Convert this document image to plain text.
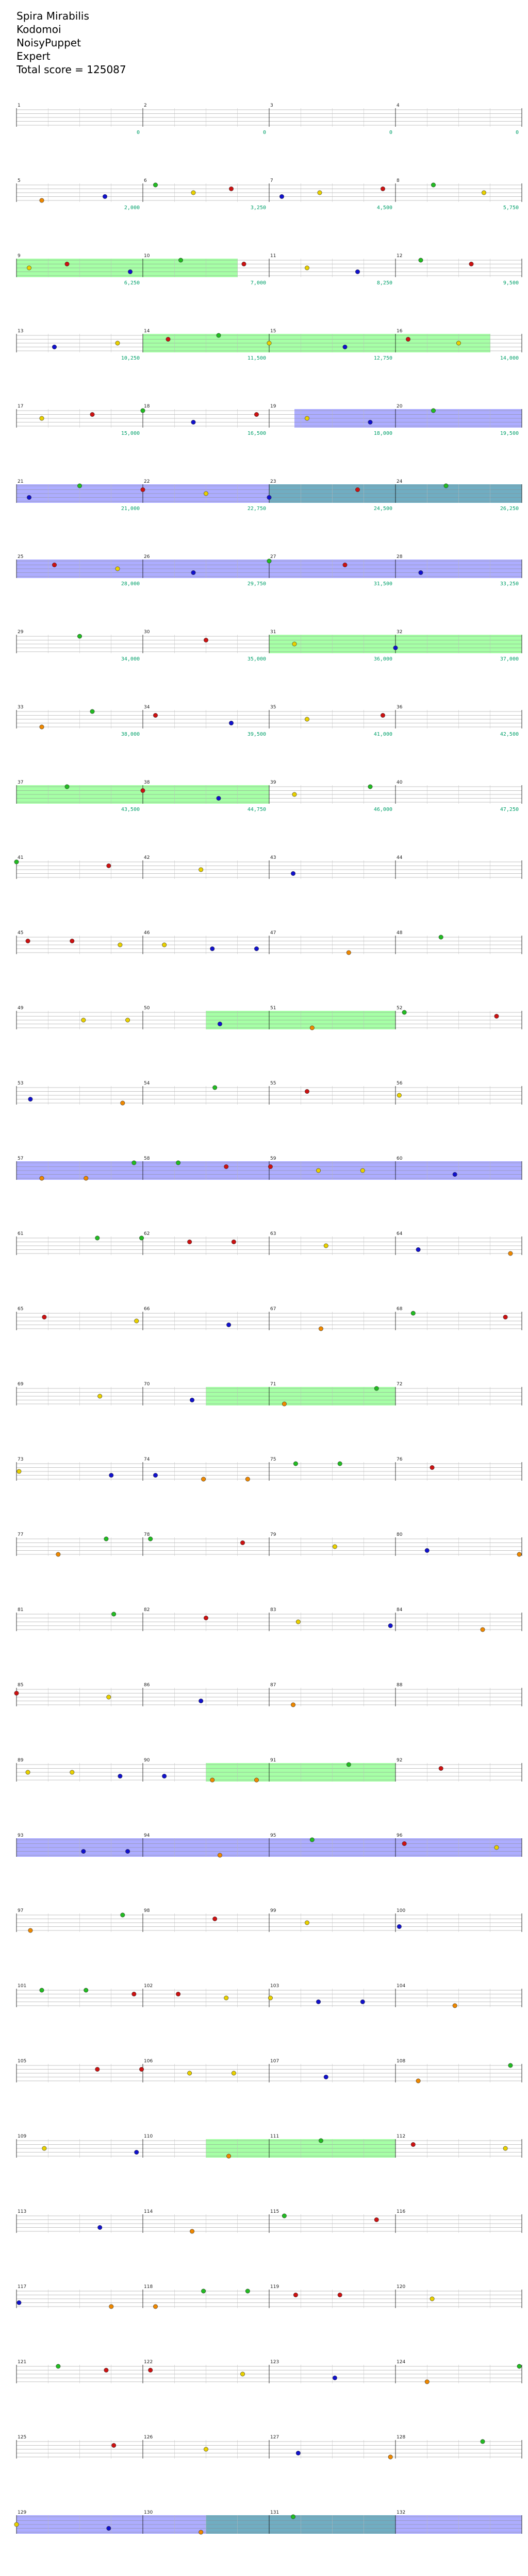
Spira Mirabilis
Kodomoi
NoisyPuppet
Expert
Total score = 125087
1
0
2
0
3
0
4
0
5
2,000
6
3,250
7
4,500
8
5,750
9
6,250
10
7,000
11
8,250
12
9,500
13
10,250
14
11,500
15
12,750
16
14,000
17
15,000
18
16,500
19
18,000
20
19,500
21
21,000
22
22,750
23
24,500
24
26,250
25
28,000
26
29,750
27
31,500
28
33,250
29
34,000
30
35,000
31
36,000
32
37,000
33
38,000
34
39,500
35
41,000
36
42,500
37
43,500
38
44,750
39
46,000
40
47,250
41	42	43	44
45	46	47	48
49	50	51	52
53	54	55	56
57	58	59	60
61	62	63	64
65	66	67	68
69	70	71	72
73	74	75	76
77	78	79	80
81	82	83	84
85	86	87	88
89	90	91	92
93	94	95	96
97	98	99	100
101	102	103	104
105	106	107	108
109	110	111	112
113	114	115	116
117	118	119	120
121	122	123	124
125	126	127	128
129	130	131	132
